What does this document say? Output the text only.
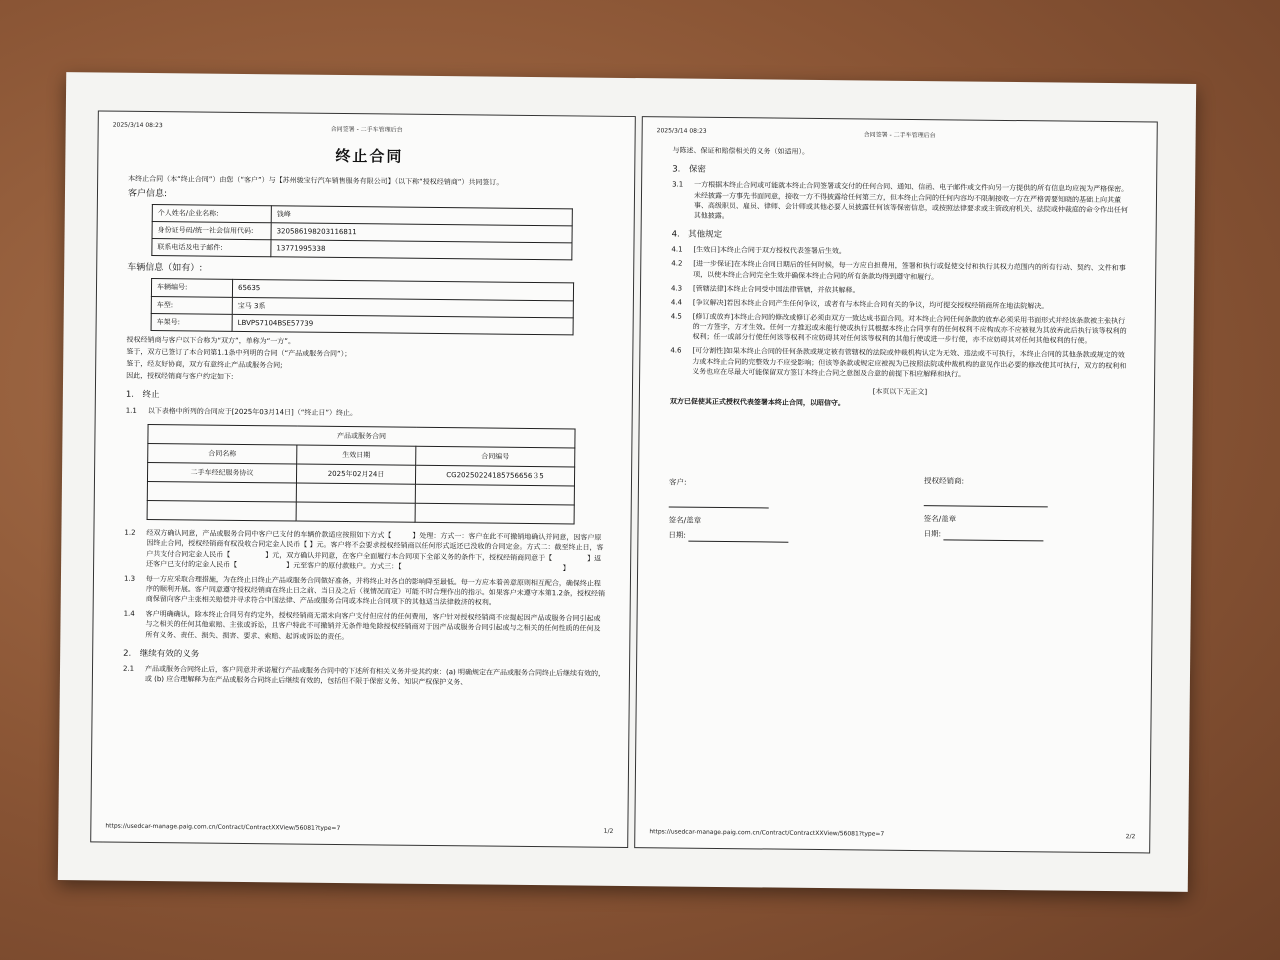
2025/3/14 08:23
合同签署 - 二手车管理后台
终止合同
本终止合同（本“终止合同”）由您（“客户”）与【苏州骏宝行汽车销售服务有限公司】（以下称“授权经销商”）共同签订。
客户信息:
个人姓名/企业名称:	钱峰
身份证号码/统一社会信用代码:	320586198203116811
联系电话及电子邮件:	13771995338
车辆信息（如有）:
车辆编号:	65635
车型:	宝马 3系
车架号:	LBVPS7104BSE57739
授权经销商与客户以下合称为“双方”，单称为“一方”。
鉴于，双方已签订了本合同第1.1条中列明的合同（“产品或服务合同”）；
鉴于，经友好协商，双方有意终止产品或服务合同;
因此，授权经销商与客户约定如下:
1.　终止
1.1 以下表格中所列的合同应于[2025年03月14日]（“终止日”）终止。
产品或服务合同		
合同名称	生效日期	合同编号
二手车经纪服务协议	2025年02月24日	CG20250224185756656３5

1.2 经双方确认同意，产品或服务合同中客户已支付的车辆价款适应按照如下方式【　　　】处理：方式一：客户在此不可撤销地确认并同意，因客户原因终止合同，授权经销商有权没收合同定金人民币【 】元。客户将不会要求授权经销商以任何形式返还已没收的合同定金。方式二：截至终止日，客户共支付合同定金人民币【　　　　　】元，双方确认并同意，在客户全面履行本合同项下全部义务的条件下，授权经销商同意于【　　　　　】返还客户已支付的定金人民币【　　　　　　　】元至客户的原付款账户。方式三：【　　　　　　　　　　　　　　　　　　　　　　　】
1.3 每一方应采取合理措施，为在终止日终止产品或服务合同做好准备，并将终止对各自的影响降至最低。每一方应本着善意原则相互配合，确保终止程序的顺利开展。客户同意遵守授权经销商在终止日之前、当日及之后（视情况而定）可能不时合理作出的指示。如果客户未遵守本第1.2条，授权经销商保留向客户主张相关赔偿并寻求符合中国法律、产品或服务合同或本终止合同项下的其他适当法律救济的权利。
1.4 客户明确确认，除本终止合同另有约定外，授权经销商无需未向客户支付但应付的任何费用，客户针对授权经销商不应提起因产品或服务合同引起或与之相关的任何其他索赔、主张或诉讼，且客户特此不可撤销并无条件地免除授权经销商对于因产品或服务合同引起或与之相关的任何性质的任何及所有义务、责任、损失、损害、要求、索赔、起诉或诉讼的责任。
2.　继续有效的义务
2.1 产品或服务合同终止后，客户同意并承诺履行产品或服务合同中的下述所有相关义务并受其约束：(a) 明确规定在产品或服务合同终止后继续有效的，或 (b) 应合理解释为在产品或服务合同终止后继续有效的，包括但不限于保密义务、知识产权保护义务、
https://usedcar-manage.paig.com.cn/Contract/ContractXXView/56081?type=7	1/2
2025/3/14 08:23
合同签署 - 二手车管理后台
与陈述、保证和赔偿相关的义务（如适用）。
3.　保密
3.1 一方根据本终止合同或可能就本终止合同签署或交付的任何合同、通知、信函、电子邮件或文件向另一方提供的所有信息均应视为严格保密。未经披露一方事先书面同意，接收一方不得披露给任何第三方，但本终止合同的任何内容均不限制接收一方在严格需要知晓的基础上向其董事、高级职员、雇员、律师、会计师或其他必要人员披露任何该等保密信息，或按照法律要求或主管政府机关、法院或仲裁庭的命令作出任何其他披露。
4.　其他规定
4.1 [生效日]本终止合同于双方授权代表签署后生效。
4.2 [进一步保证]在本终止合同日期后的任何时候，每一方应自担费用，签署和执行或促使交付和执行其权力范围内的所有行动、契约、文件和事项，以使本终止合同完全生效并确保本终止合同的所有条款均得到遵守和履行。
4.3 [管辖法律]本终止合同受中国法律管辖，并依其解释。
4.4 [争议解决]若因本终止合同产生任何争议，或者有与本终止合同有关的争议，均可提交授权经销商所在地法院解决。
4.5 [修订或放弃]本终止合同的修改或修订必须由双方一致达成书面合同。对本终止合同任何条款的放弃必须采用书面形式并经该条款被主张执行的一方签字，方才生效。任何一方推迟或未能行使或执行其根据本终止合同享有的任何权利不应构成亦不应被视为其放弃此后执行该等权利的权利；任一或部分行使任何该等权利不应妨碍其对任何该等权利的其他行使或进一步行使，亦不应妨碍其对任何其他权利的行使。
4.6 [可分割性]如果本终止合同的任何条款或规定被有管辖权的法院或仲裁机构认定为无效、违法或不可执行，本终止合同的其他条款或规定的效力或本终止合同的完整效力不应受影响；但该等条款或规定应被视为已按照法院或仲裁机构的意见作出必要的修改使其可执行，双方的权利和义务也应在尽最大可能保留双方签订本终止合同之意图及合意的前提下相应解释和执行。
[本页以下无正文]
双方已促使其正式授权代表签署本终止合同，以昭信守。
客户:
签名/盖章
日期:
授权经销商:
签名/盖章
日期:
https://usedcar-manage.paig.com.cn/Contract/ContractXXView/56081?type=7	2/2
